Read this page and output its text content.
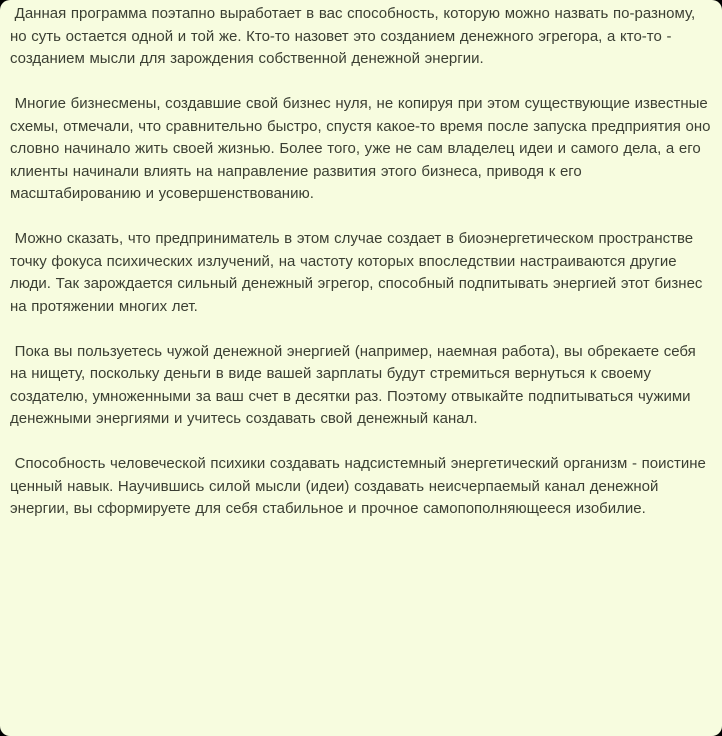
Данная программа поэтапно выработает в вас способность, которую можно назвать по-разному, но суть остается одной и той же. Кто-то назовет это созданием денежного эгрегора, а кто-то - созданием мысли для зарождения собственной денежной энергии.

Многие бизнесмены, создавшие свой бизнес нуля, не копируя при этом существующие известные схемы, отмечали, что сравнительно быстро, спустя какое-то время после запуска предприятия оно словно начинало жить своей жизнью. Более того, уже не сам владелец идеи и самого дела, а его клиенты начинали влиять на направление развития этого бизнеса, приводя к его масштабированию и усовершенствованию.

Можно сказать, что предприниматель в этом случае создает в биоэнергетическом пространстве точку фокуса психических излучений, на частоту которых впоследствии настраиваются другие люди. Так зарождается сильный денежный эгрегор, способный подпитывать энергией этот бизнес на протяжении многих лет.

Пока вы пользуетесь чужой денежной энергией (например, наемная работа), вы обрекаете себя на нищету, поскольку деньги в виде вашей зарплаты будут стремиться вернуться к своему создателю, умноженными за ваш счет в десятки раз. Поэтому отвыкайте подпитываться чужими денежными энергиями и учитесь создавать свой денежный канал.

Способность человеческой психики создавать надсистемный энергетический организм - поистине ценный навык. Научившись силой мысли (идеи) создавать неисчерпаемый канал денежной энергии, вы сформируете для себя стабильное и прочное самопополняющееся изобилие.
